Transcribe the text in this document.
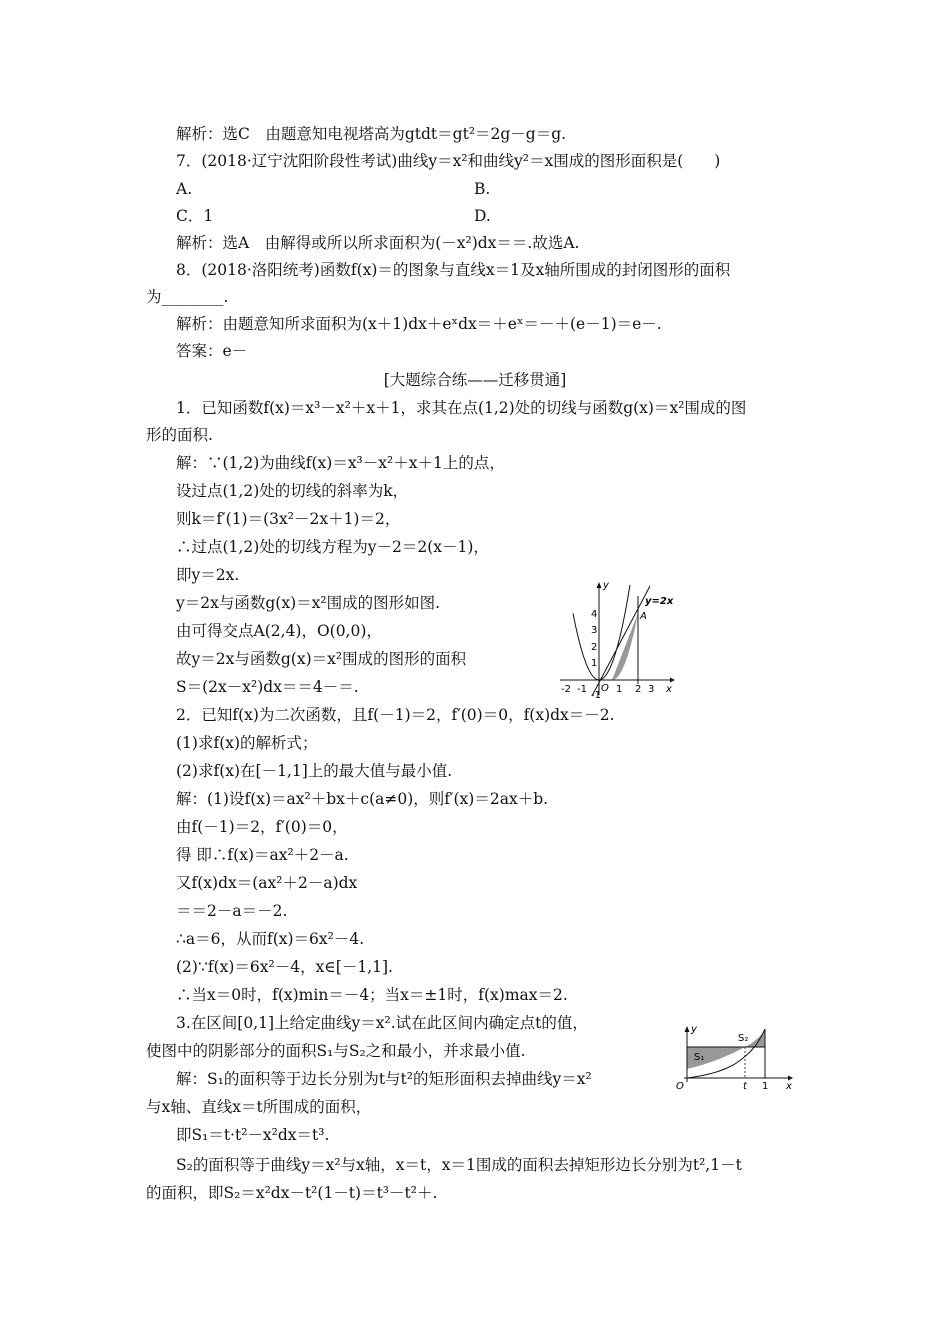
解析：选C　由题意知电视塔高为gtdt＝gt²＝2g－g＝g.
7．(2018·辽宁沈阳阶段性考试)曲线y＝x²和曲线y²＝x围成的图形面积是(　　)
A.	B.
C．1	D.
解析：选A　由解得或所以所求面积为(－x²)dx＝＝.故选A.
8．(2018·洛阳统考)函数f(x)＝的图象与直线x＝1及x轴所围成的封闭图形的面积
为________.
解析：由题意知所求面积为(x＋1)dx＋eˣdx＝＋eˣ＝－＋(e－1)＝e－.
答案：e－
[大题综合练——迁移贯通]
1．已知函数f(x)＝x³－x²＋x＋1，求其在点(1,2)处的切线与函数g(x)＝x²围成的图
形的面积.
解：∵(1,2)为曲线f(x)＝x³－x²＋x＋1上的点，
设过点(1,2)处的切线的斜率为k，
则k＝f′(1)＝(3x²－2x＋1)＝2，
∴过点(1,2)处的切线方程为y－2＝2(x－1)，
即y＝2x.
y＝2x与函数g(x)＝x²围成的图形如图.
由可得交点A(2,4)，O(0,0)，
故y＝2x与函数g(x)＝x²围成的图形的面积
S＝(2x－x²)dx＝＝4－＝.
2．已知f(x)为二次函数，且f(－1)＝2，f′(0)＝0，f(x)dx＝－2.
(1)求f(x)的解析式；
(2)求f(x)在[－1,1]上的最大值与最小值.
解：(1)设f(x)＝ax²＋bx＋c(a≠0)，则f′(x)＝2ax＋b.
由f(－1)＝2，f′(0)＝0，
得 即∴f(x)＝ax²＋2－a.
又f(x)dx＝(ax²＋2－a)dx
＝＝2－a＝－2.
∴a＝6，从而f(x)＝6x²－4.
(2)∵f(x)＝6x²－4，x∈[－1,1].
∴当x＝0时，f(x)min＝－4；当x＝±1时，f(x)max＝2.
3.在区间[0,1]上给定曲线y＝x².试在此区间内确定点t的值，
使图中的阴影部分的面积S₁与S₂之和最小，并求最小值.
解：S₁的面积等于边长分别为t与t²的矩形面积去掉曲线y＝x²
与x轴、直线x＝t所围成的面积，
即S₁＝t·t²－x²dx＝t³.
S₂的面积等于曲线y＝x²与x轴，x＝t，x＝1围成的面积去掉矩形边长分别为t²,1－t
的面积，即S₂＝x²dx－t²(1－t)＝t³－t²＋.
y
x
y=2x
A
O
4
3
2
1
-1
-2 -1	1 2 3
y
x
O
S₁
S₂
t 1
